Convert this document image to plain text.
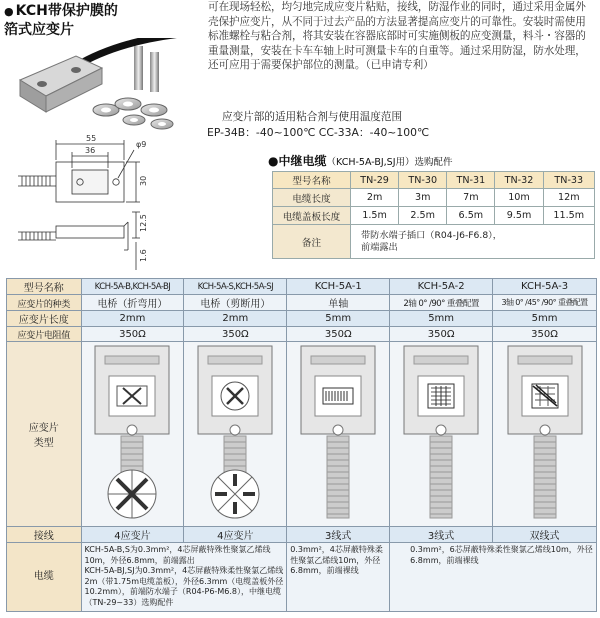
● KCH带保护膜的
箔式应变片
可在现场轻松，均匀地完成应变片粘贴，接线，防湿作业的同时，通过采用金属外壳保护应变片，从不同于过去产品的方法显著提高应变片的可靠性。安装时需使用标准螺栓与粘合剂，将其安装在容器底部时可实施侧板的应变测量，料斗・容器的重量测量，安装在卡车车轴上时可测量卡车的自重等。通过采用防湿，防水处理，还可应用于需要保护部位的测量。（已申请专利）
应变片部的适用粘合剂与使用温度范围
EP-34B：-40~100℃ CC-33A：-40~100℃
55
36
φ9
30
12.5
1.6
●中继电缆（KCH-5A-BJ,SJ用）选购配件
型号名称	TN-29	TN-30	TN-31	TN-32	TN-33
电缆长度	2m	3m	7m	10m	12m
电缆盖板长度	1.5m	2.5m	6.5m	9.5m	11.5m
备注	带防水端子插口（R04-J6-F6.8），
前端露出				
型号名称	KCH-5A-B,KCH-5A-BJ	KCH-5A-S,KCH-5A-SJ	KCH-5A-1	KCH-5A-2	KCH-5A-3
应变片的种类	电桥（折弯用）	电桥（剪断用）	单轴	2轴 0° /90° 重叠配置	3轴 0° /45° /90° 重叠配置
应变片长度	2mm	2mm	5mm	5mm	5mm
应变片电阻值	350Ω	350Ω	350Ω	350Ω	350Ω

应变片
类型

接线	4应变片	4应变片	3线式	3线式	双线式
电缆	KCH-5A-B,S为0.3mm²，4芯屏蔽特殊性聚氯乙烯线10m，外径6.8mm，前端露出
KCH-5A-BJ,SJ为0.3mm²，4芯屏蔽特殊柔性聚氯乙烯线2m（带1.75m电缆盖板），外径6.3mm（电缆盖板外径10.2mm），前端防水端子（R04-P6-M6.8），中继电缆（TN-29~33）选购配件		0.3mm²，4芯屏蔽特殊柔性聚氯乙烯线10m，外径6.8mm，前端裸线	0.3mm²，6芯屏蔽特殊柔性聚氯乙烯线10m，外径6.8mm，前端裸线	
